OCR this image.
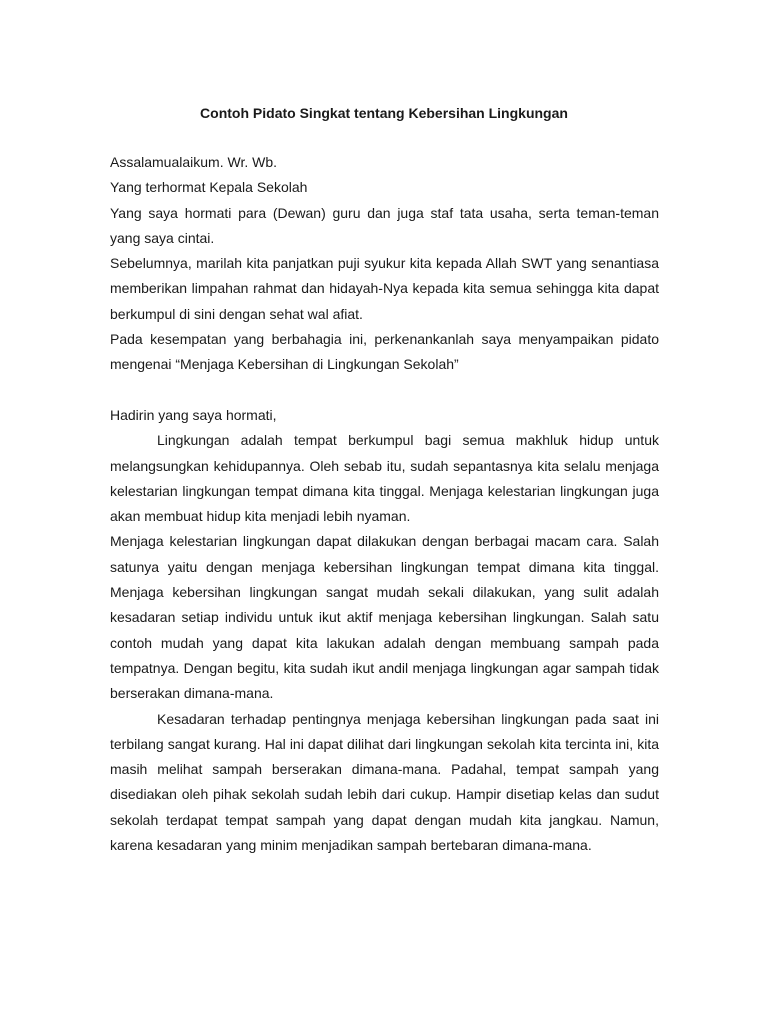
Contoh Pidato Singkat tentang Kebersihan Lingkungan

Assalamualaikum. Wr. Wb.

Yang terhormat Kepala Sekolah

Yang saya hormati para (Dewan) guru dan juga staf tata usaha, serta teman-teman yang saya cintai.

Sebelumnya, marilah kita panjatkan puji syukur kita kepada Allah SWT yang senantiasa memberikan limpahan rahmat dan hidayah-Nya kepada kita semua sehingga kita dapat berkumpul di sini dengan sehat wal afiat.

Pada kesempatan yang berbahagia ini, perkenankanlah saya menyampaikan pidato mengenai “Menjaga Kebersihan di Lingkungan Sekolah”

Hadirin yang saya hormati,

Lingkungan adalah tempat berkumpul bagi semua makhluk hidup untuk melangsungkan kehidupannya. Oleh sebab itu, sudah sepantasnya kita selalu menjaga kelestarian lingkungan tempat dimana kita tinggal. Menjaga kelestarian lingkungan juga akan membuat hidup kita menjadi lebih nyaman.

Menjaga kelestarian lingkungan dapat dilakukan dengan berbagai macam cara. Salah satunya yaitu dengan menjaga kebersihan lingkungan tempat dimana kita tinggal. Menjaga kebersihan lingkungan sangat mudah sekali dilakukan, yang sulit adalah kesadaran setiap individu untuk ikut aktif menjaga kebersihan lingkungan. Salah satu contoh mudah yang dapat kita lakukan adalah dengan membuang sampah pada tempatnya. Dengan begitu, kita sudah ikut andil menjaga lingkungan agar sampah tidak berserakan dimana-mana.

Kesadaran terhadap pentingnya menjaga kebersihan lingkungan pada saat ini terbilang sangat kurang. Hal ini dapat dilihat dari lingkungan sekolah kita tercinta ini, kita masih melihat sampah berserakan dimana-mana. Padahal, tempat sampah yang disediakan oleh pihak sekolah sudah lebih dari cukup. Hampir disetiap kelas dan sudut sekolah terdapat tempat sampah yang dapat dengan mudah kita jangkau. Namun, karena kesadaran yang minim menjadikan sampah bertebaran dimana-mana.
